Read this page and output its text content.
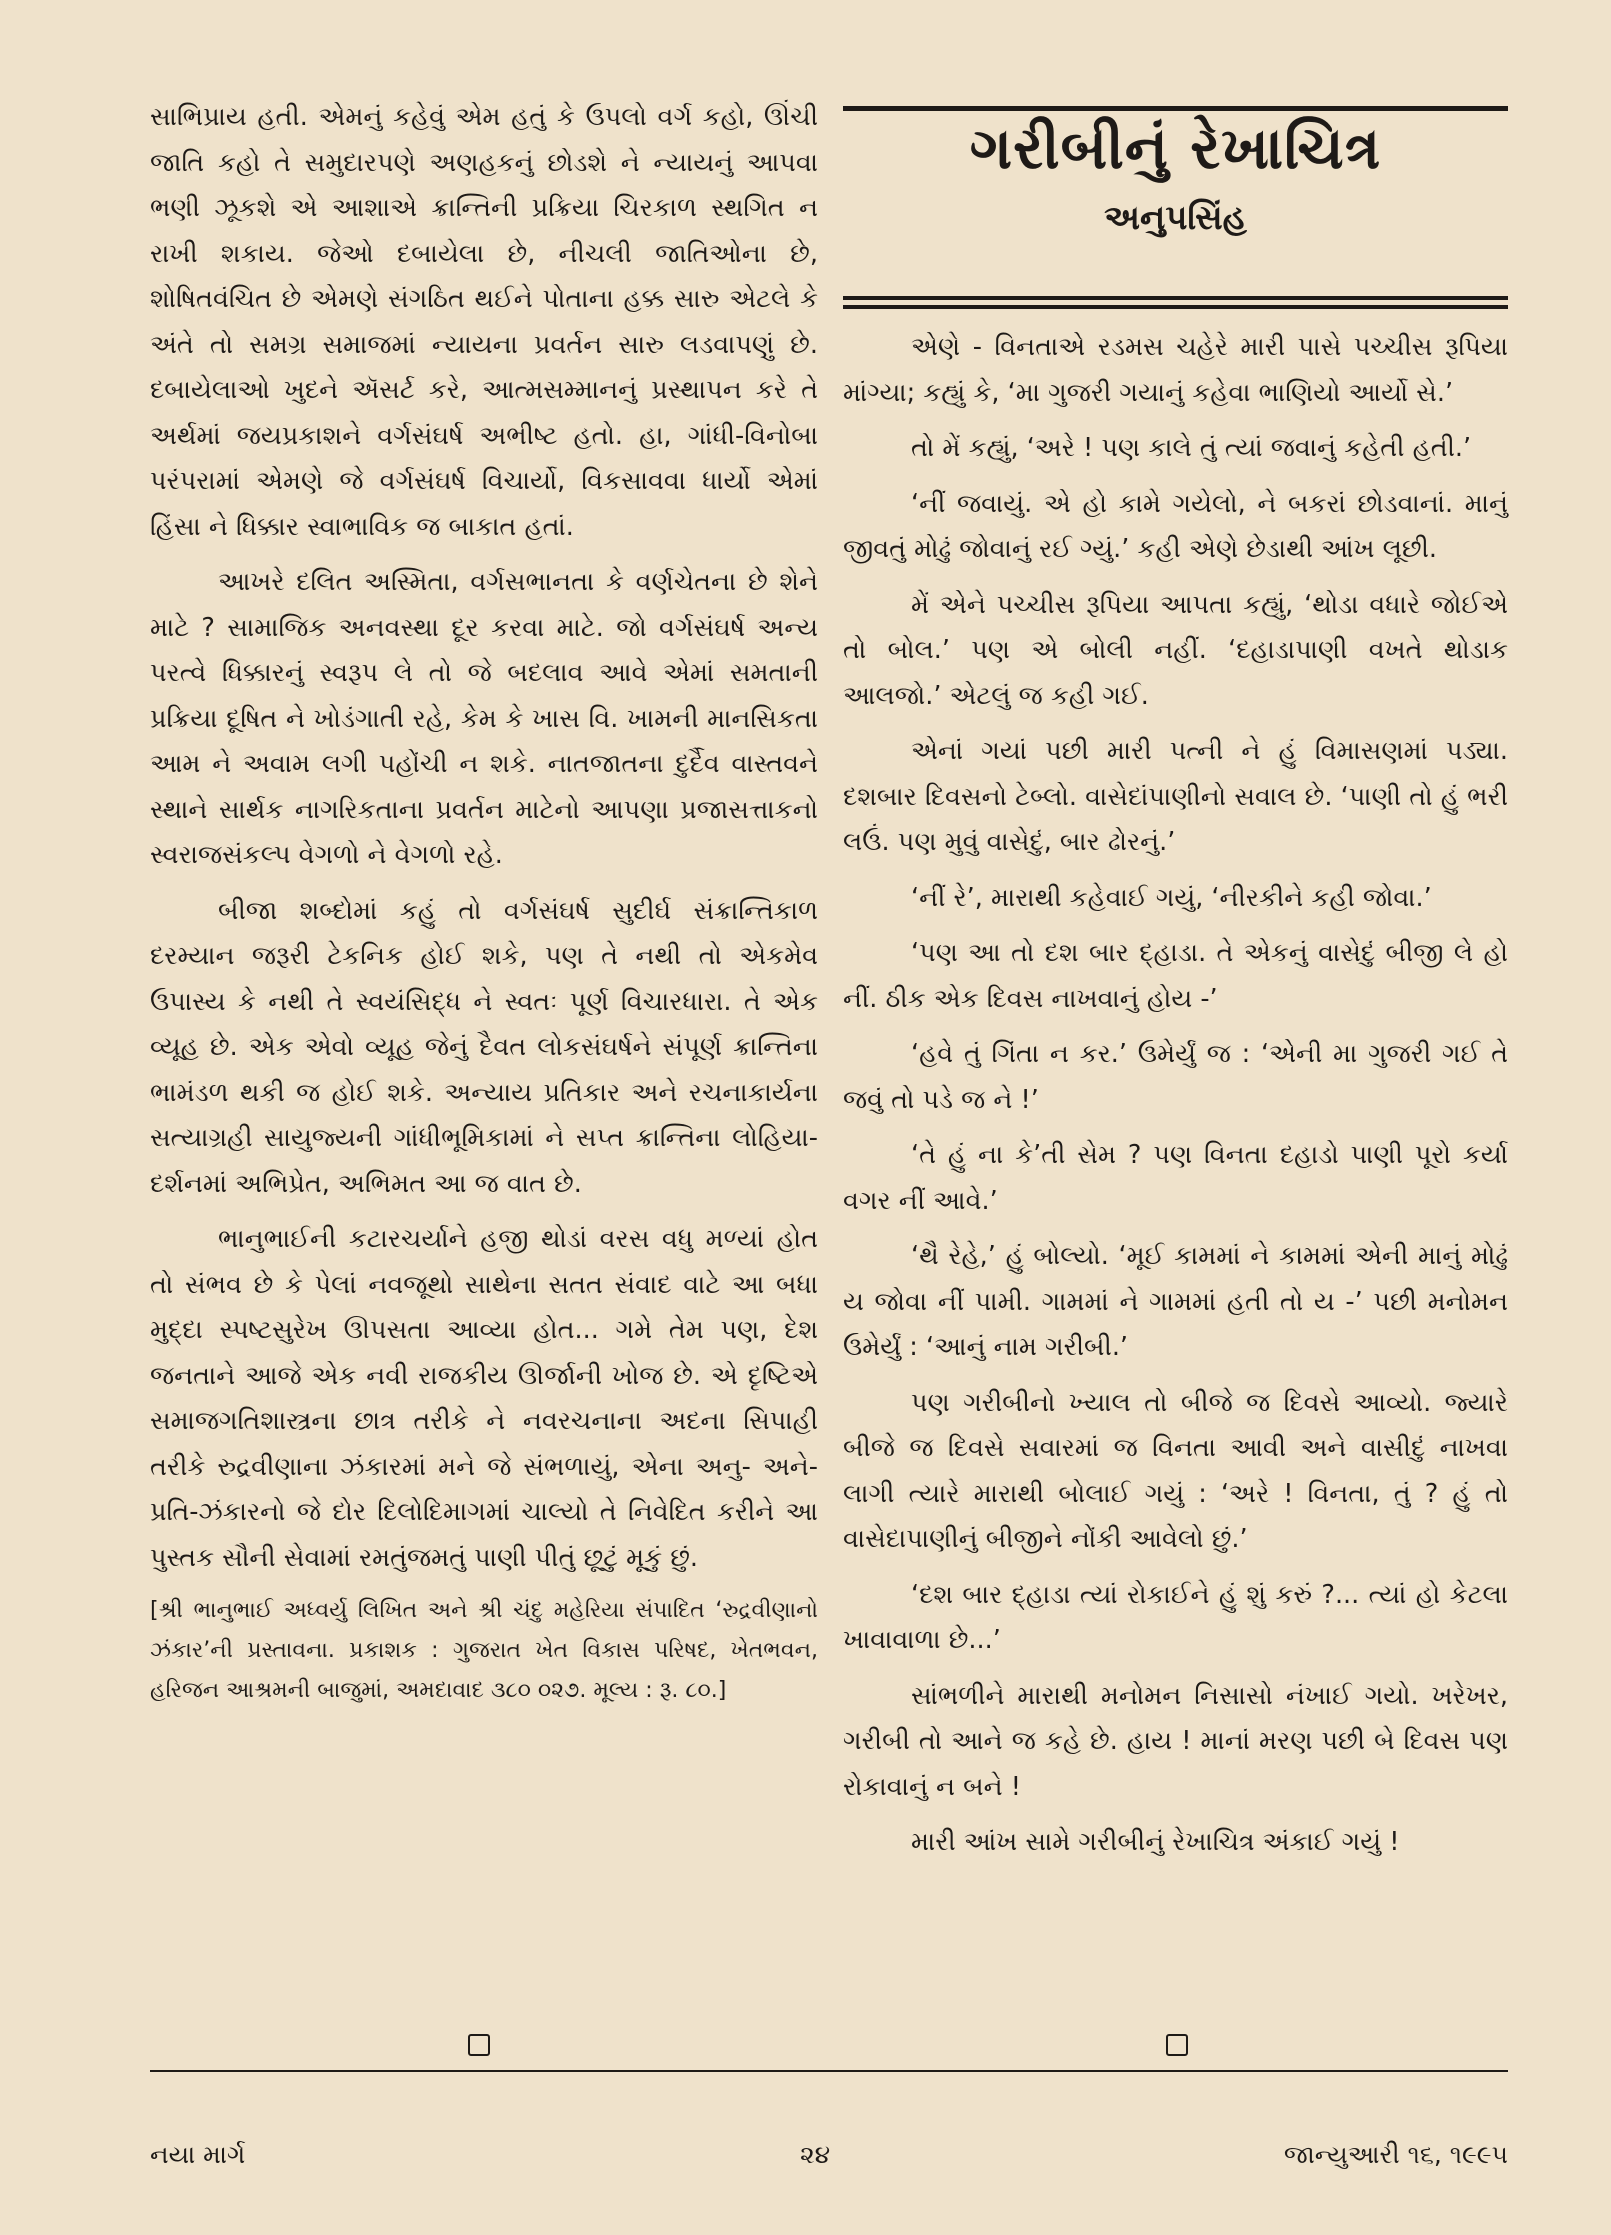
સાભિપ્રાય હતી. એમનું કહેવું એમ હતું કે ઉપલો વર્ગ કહો, ઊંચી જાતિ કહો તે સમુદારપણે અણહકનું છોડશે ને ન્યાયનું આપવા ભણી ઝૂકશે એ આશાએ ક્રાન્તિની પ્રક્રિયા ચિરકાળ સ્થગિત ન રાખી શકાય. જેઓ દબાયેલા છે, નીચલી જાતિઓના છે, શોષિતવંચિત છે એમણે સંગઠિત થઈને પોતાના હક્ક સારુ એટલે કે અંતે તો સમગ્ર સમાજમાં ન્યાયના પ્રવર્તન સારુ લડવાપણું છે. દબાયેલાઓ ખુદને ઍસર્ટ કરે, આત્મસમ્માનનું પ્રસ્થાપન કરે તે અર્થમાં જયપ્રકાશને વર્ગસંઘર્ષ અભીષ્ટ હતો. હા, ગાંધી-વિનોબા પરંપરામાં એમણે જે વર્ગસંઘર્ષ વિચાર્યો, વિકસાવવા ધાર્યો એમાં હિંસા ને ધિક્કાર સ્વાભાવિક જ બાકાત હતાં.

આખરે દલિત અસ્મિતા, વર્ગસભાનતા કે વર્ણચેતના છે શેને માટે ? સામાજિક અનવસ્થા દૂર કરવા માટે. જો વર્ગસંઘર્ષ અન્ય પરત્વે ધિક્કારનું સ્વરૂપ લે તો જે બદલાવ આવે એમાં સમતાની પ્રક્રિયા દૂષિત ને ખોડંગાતી રહે, કેમ કે ખાસ વિ. ખામની માનસિકતા આમ ને અવામ લગી પહોંચી ન શકે. નાતજાતના દુર્દૈવ વાસ્તવને સ્થાને સાર્થક નાગરિકતાના પ્રવર્તન માટેનો આપણા પ્રજાસત્તાકનો સ્વરાજસંકલ્પ વેગળો ને વેગળો રહે.

બીજા શબ્દોમાં કહું તો વર્ગસંઘર્ષ સુદીર્ઘ સંક્રાન્તિકાળ દરમ્યાન જરૂરી ટેકનિક હોઈ શકે, પણ તે નથી તો એકમેવ ઉપાસ્ય કે નથી તે સ્વયંસિદ્ધ ને સ્વતઃ પૂર્ણ વિચારધારા. તે એક વ્યૂહ છે. એક એવો વ્યૂહ જેનું દૈવત લોકસંઘર્ષને સંપૂર્ણ ક્રાન્તિના ભામંડળ થકી જ હોઈ શકે. અન્યાય પ્રતિકાર અને રચનાકાર્યના સત્યાગ્રહી સાયુજ્યની ગાંધીભૂમિકામાં ને સપ્ત ક્રાન્તિના લોહિયા-દર્શનમાં અભિપ્રેત, અભિમત આ જ વાત છે.

ભાનુભાઈની કટારચર્યાને હજી થોડાં વરસ વધુ મળ્યાં હોત તો સંભવ છે કે પેલાં નવજૂથો સાથેના સતત સંવાદ વાટે આ બધા મુદ્દા સ્પષ્ટસુરેખ ઊપસતા આવ્યા હોત... ગમે તેમ પણ, દેશ જનતાને આજે એક નવી રાજકીય ઊર્જાની ખોજ છે. એ દૃષ્ટિએ સમાજગતિશાસ્ત્રના છાત્ર તરીકે ને નવરચનાના અદના સિપાહી તરીકે રુદ્રવીણાના ઝંકારમાં મને જે સંભળાયું, એના અનુ- અને-પ્રતિ-ઝંકારનો જે દોર દિલોદિમાગમાં ચાલ્યો તે નિવેદિત કરીને આ પુસ્તક સૌની સેવામાં રમતુંજમતું પાણી પીતું છૂટું મૂકું છું.

[શ્રી ભાનુભાઈ અધ્વર્યુ લિખિત અને શ્રી ચંદુ મહેરિયા સંપાદિત ‘રુદ્રવીણાનો ઝંકાર’ની પ્રસ્તાવના. પ્રકાશક : ગુજરાત ખેત વિકાસ પરિષદ, ખેતભવન, હરિજન આશ્રમની બાજુમાં, અમદાવાદ ૩૮૦ ૦૨૭. મૂલ્ય : રૂ. ૮૦.]

ગરીબીનું રેખાચિત્ર
અનુપસિંહ

એણે - વિનતાએ રડમસ ચહેરે મારી પાસે પચ્ચીસ રૂપિયા માંગ્યા; કહ્યું કે, ‘મા ગુજરી ગયાનું કહેવા ભાણિયો આર્યો સે.’

તો મેં કહ્યું, ‘અરે ! પણ કાલે તું ત્યાં જવાનું કહેતી હતી.’

‘નીં જવાયું. એ હો કામે ગયેલો, ને બકરાં છોડવાનાં. માનું જીવતું મોઢું જોવાનું રઈ ગ્યું.’ કહી એણે છેડાથી આંખ લૂછી.

મેં એને પચ્ચીસ રૂપિયા આપતા કહ્યું, ‘થોડા વધારે જોઈએ તો બોલ.’ પણ એ બોલી નહીં. ‘દહાડાપાણી વખતે થોડાક આલજો.’ એટલું જ કહી ગઈ.

એનાં ગયાં પછી મારી પત્ની ને હું વિમાસણમાં પડ્યા. દશબાર દિવસનો ટેબ્લો. વાસેદાંપાણીનો સવાલ છે. ‘પાણી તો હું ભરી લઉં. પણ મુવું વાસેદું, બાર ઢોરનું.’

‘નીં રે’, મારાથી કહેવાઈ ગયું, ‘નીરકીને કહી જોવા.’

‘પણ આ તો દશ બાર દ્હાડા. તે એકનું વાસેદું બીજી લે હો નીં. ઠીક એક દિવસ નાખવાનું હોય -’

‘હવે તું ગિંતા ન કર.’ ઉમેર્યું જ : ‘એની મા ગુજરી ગઈ તે જવું તો પડે જ ને !’

‘તે હું ના કે’તી સેમ ? પણ વિનતા દહાડો પાણી પૂરો કર્યા વગર નીં આવે.’

‘થૈ રેહે,’ હું બોલ્યો. ‘મૂઈ કામમાં ને કામમાં એની માનું મોઢું ય જોવા નીં પામી. ગામમાં ને ગામમાં હતી તો ય -’ પછી મનોમન ઉમેર્યું : ‘આનું નામ ગરીબી.’

પણ ગરીબીનો ખ્યાલ તો બીજે જ દિવસે આવ્યો. જ્યારે બીજે જ દિવસે સવારમાં જ વિનતા આવી અને વાસીદું નાખવા લાગી ત્યારે મારાથી બોલાઈ ગયું : ‘અરે ! વિનતા, તું ? હું તો વાસેદાપાણીનું બીજીને નોંકી આવેલો છું.’

‘દશ બાર દ્હાડા ત્યાં રોકાઈને હું શું કરું ?... ત્યાં હો કેટલા ખાવાવાળા છે...’

સાંભળીને મારાથી મનોમન નિસાસો નંખાઈ ગયો. ખરેખર, ગરીબી તો આને જ કહે છે. હાય ! માનાં મરણ પછી બે દિવસ પણ રોકાવાનું ન બને !

મારી આંખ સામે ગરીબીનું રેખાચિત્ર અંકાઈ ગયું !

નયા માર્ગ	૨૪	જાન્યુઆરી ૧૬, ૧૯૯૫
